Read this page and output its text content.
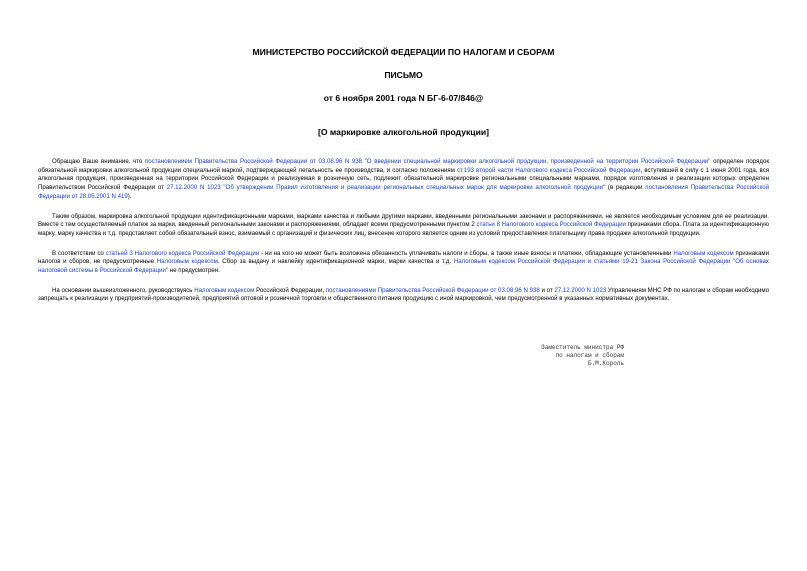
МИНИСТЕРСТВО РОССИЙСКОЙ ФЕДЕРАЦИИ ПО НАЛОГАМ И СБОРАМ

ПИСЬМО

от 6 ноября 2001 года N БГ-6-07/846@

[О маркировке алкогольной продукции]

Обращаю Ваше внимание, что постановлением Правительства Российской Федерации от 03.08.96 N 938 "О введении специальной маркировки алкогольной продукции, произведенной на территории Российской Федерации" определен порядок обязательной маркировки алкогольной продукции специальной маркой, подтверждающей легальность ее производства, и согласно положениям ст.193 второй части Налогового кодекса Российской Федерации, вступившей в силу с 1 июня 2001 года, вся алкогольная продукция, произведенная на территории Российской Федерации и реализуемая в розничную сеть, подлежит обязательной маркировке региональными специальными марками, порядок изготовления и реализации которых определен Правительством Российской Федерации от 27.12.2000 N 1023 "Об утверждении Правил изготовления и реализации региональных специальных марок для маркировки алкогольной продукции" (в редакции постановления Правительства Российской Федерации от 28.05.2001 N 419).

Таким образом, маркировка алкогольной продукции идентификационными марками, марками качества и любыми другими марками, введенными региональными законами и распоряжениями, не является необходимым условием для ее реализации. Вместе с тем осуществляемый платеж за марки, введенный региональными законами и распоряжениями, обладает всеми предусмотренными пунктом 2 статьи 8 Налогового кодекса Российской Федерации признаками сбора. Плата за идентификационную марку, марку качества и т.д. представляет собой обязательный взнос, взимаемый с организаций и физических лиц, внесение которого является одним из условий предоставления плательщику права продажи алкогольной продукции.

В соответствии со статьей 3 Налогового кодекса Российской Федерации - ни на кого не может быть возложена обязанность уплачивать налоги и сборы, а также иные взносы и платежи, обладающие установленными Налоговым кодексом признаками налогов и сборов, не предусмотренные Налоговым кодексом. Сбор за выдачу и наклейку идентификационной марки, марки качества и т.д. Налоговым кодексом Российской Федерации и статьями 19-21 Закона Российской Федерации "Об основах налоговой системы в Российской Федерации" не предусмотрен.

На основании вышеизложенного, руководствуясь Налоговым кодексом Российской Федерации, постановлениями Правительства Российской Федерации от 03.08.96 N 938 и от 27.12.2000 N 1023 Управлениям МНС РФ по налогам и сборам необходимо запрещать к реализации у предприятий-производителей, предприятий оптовой и розничной торговли и общественного питания продукцию с иной маркировкой, чем предусмотренной в указанных нормативных документах.

Заместитель министра РФ
по налогам и сборам
Б.М.Король
